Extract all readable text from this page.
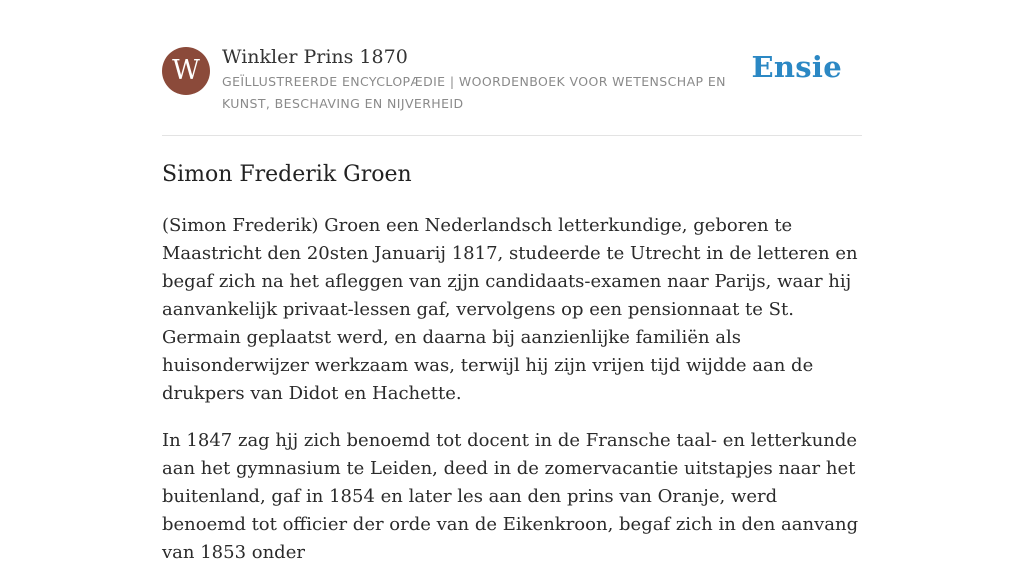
W	Winkler Prins 1870
GEÏLLUSTREERDE ENCYCLOPÆDIE | WOORDENBOEK VOOR WETENSCHAP EN KUNST, BESCHAVING EN NIJVERHEID
Ensie
Simon Frederik Groen

(Simon Frederik) Groen een Nederlandsch letterkundige, geboren te Maastricht den 20sten Januarij 1817, studeerde te Utrecht in de letteren en begaf zich na het afleggen van zjjn candidaats-examen naar Parijs, waar hij aanvankelijk privaat-lessen gaf, vervolgens op een pensionnaat te St. Germain geplaatst werd, en daarna bij aanzienlijke familiën als huisonderwijzer werkzaam was, terwijl hij zijn vrijen tijd wijdde aan de drukpers van Didot en Hachette.

In 1847 zag hjj zich benoemd tot docent in de Fransche taal- en letterkunde aan het gymnasium te Leiden, deed in de zomervacantie uitstapjes naar het buitenland, gaf in 1854 en later les aan den prins van Oranje, werd benoemd tot officier der orde van de Eikenkroon, begaf zich in den aanvang van 1853 onder
